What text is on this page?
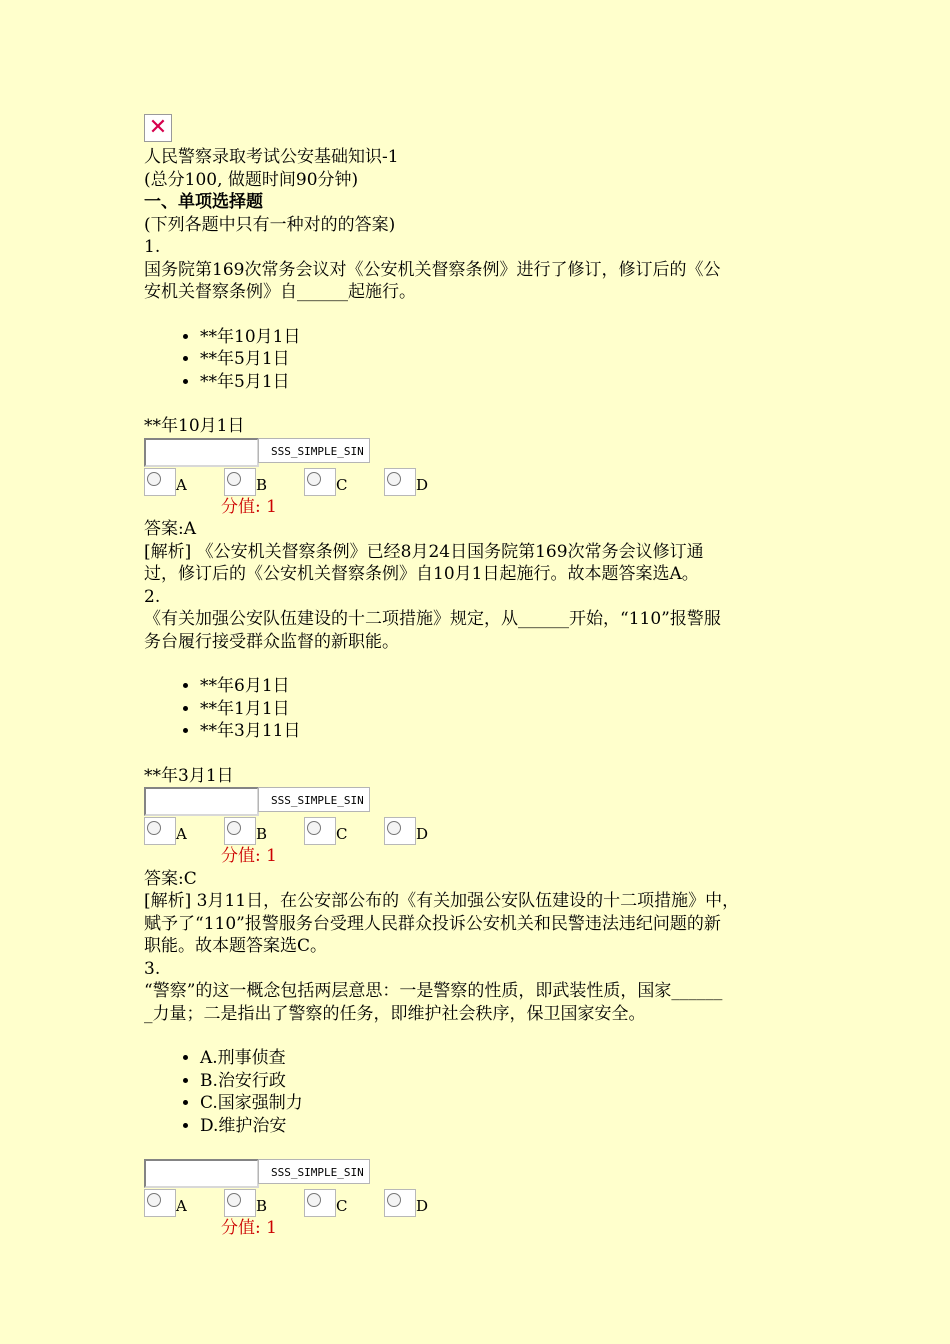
✕
人民警察录取考试公安基础知识-1
(总分100, 做题时间90分钟)
一、单项选择题
(下列各题中只有一种对的的答案)
1.
国务院第169次常务会议对《公安机关督察条例》进行了修订，修订后的《公
安机关督察条例》自______起施行。
• **年10月1日
• **年5月1日
• **年5月1日
**年10月1日
SSS_SIMPLE_SIN
A	B	C	D
分值: 1
答案:A
[解析] 《公安机关督察条例》已经8月24日国务院第169次常务会议修订通
过，修订后的《公安机关督察条例》自10月1日起施行。故本题答案选A。
2.
《有关加强公安队伍建设的十二项措施》规定，从______开始，“110”报警服
务台履行接受群众监督的新职能。
• **年6月1日
• **年1月1日
• **年3月11日
**年3月1日
SSS_SIMPLE_SIN
A	B	C	D
分值: 1
答案:C
[解析] 3月11日，在公安部公布的《有关加强公安队伍建设的十二项措施》中，
赋予了“110”报警服务台受理人民群众投诉公安机关和民警违法违纪问题的新
职能。故本题答案选C。
3.
“警察”的这一概念包括两层意思：一是警察的性质，即武装性质，国家______
_力量；二是指出了警察的任务，即维护社会秩序，保卫国家安全。
• A.刑事侦查
• B.治安行政
• C.国家强制力
• D.维护治安
SSS_SIMPLE_SIN
A	B	C	D
分值: 1
